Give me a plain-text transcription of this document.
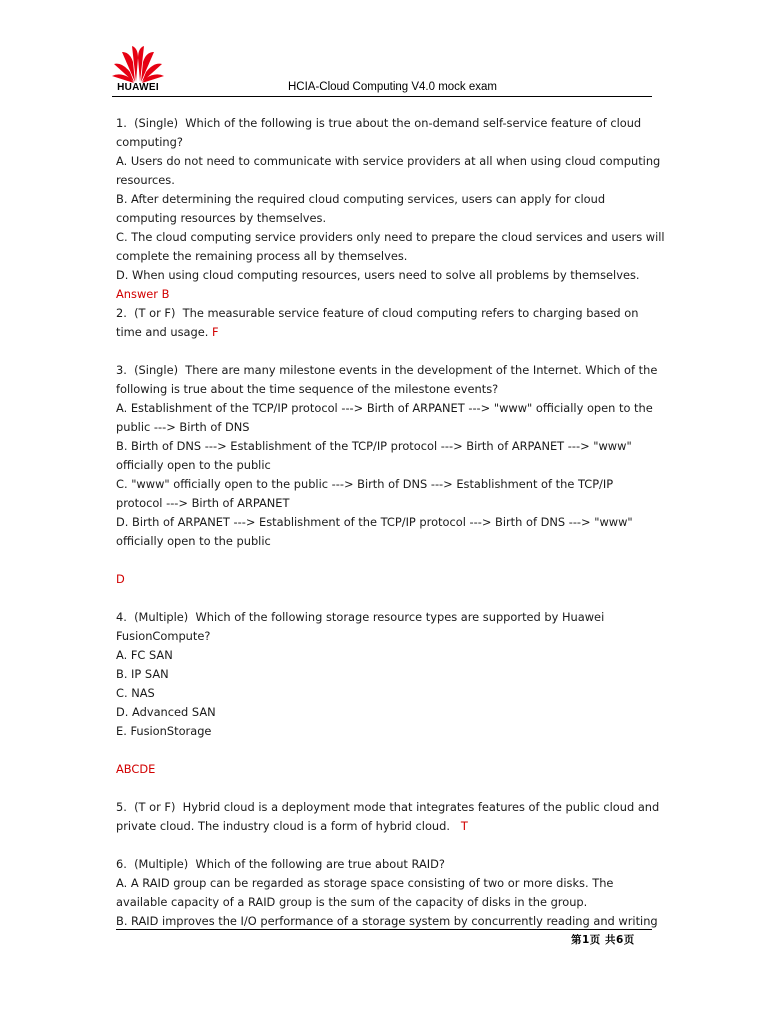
HUAWEI	HCIA-Cloud Computing V4.0 mock exam
1.  (Single)  Which of the following is true about the on-demand self-service feature of cloud
computing?
A. Users do not need to communicate with service providers at all when using cloud computing
resources.
B. After determining the required cloud computing services, users can apply for cloud
computing resources by themselves.
C. The cloud computing service providers only need to prepare the cloud services and users will
complete the remaining process all by themselves.
D. When using cloud computing resources, users need to solve all problems by themselves.
Answer B
2.  (T or F)  The measurable service feature of cloud computing refers to charging based on
time and usage. F
3.  (Single)  There are many milestone events in the development of the Internet. Which of the
following is true about the time sequence of the milestone events?
A. Establishment of the TCP/IP protocol ---> Birth of ARPANET ---> "www" officially open to the
public ---> Birth of DNS
B. Birth of DNS ---> Establishment of the TCP/IP protocol ---> Birth of ARPANET ---> "www"
officially open to the public
C. "www" officially open to the public ---> Birth of DNS ---> Establishment of the TCP/IP
protocol ---> Birth of ARPANET
D. Birth of ARPANET ---> Establishment of the TCP/IP protocol ---> Birth of DNS ---> "www"
officially open to the public
D
4.  (Multiple)  Which of the following storage resource types are supported by Huawei
FusionCompute?
A. FC SAN
B. IP SAN
C. NAS
D. Advanced SAN
E. FusionStorage
ABCDE
5.  (T or F)  Hybrid cloud is a deployment mode that integrates features of the public cloud and
private cloud. The industry cloud is a form of hybrid cloud.   T
6.  (Multiple)  Which of the following are true about RAID?
A. A RAID group can be regarded as storage space consisting of two or more disks. The
available capacity of a RAID group is the sum of the capacity of disks in the group.
B. RAID improves the I/O performance of a storage system by concurrently reading and writing
第1页 共6页
